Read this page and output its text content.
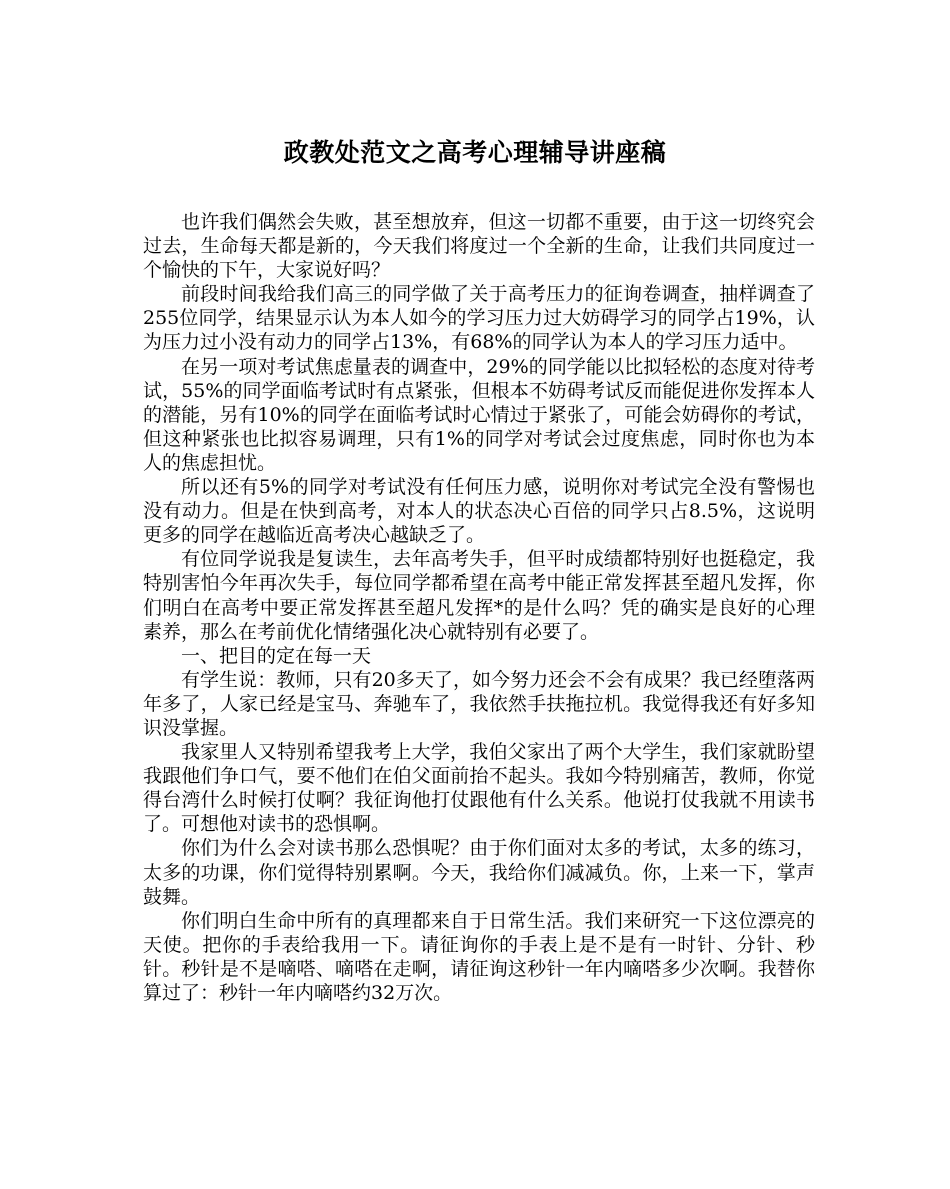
政教处范文之高考心理辅导讲座稿

也许我们偶然会失败，甚至想放弃，但这一切都不重要，由于这一切终究会过去，生命每天都是新的，今天我们将度过一个全新的生命，让我们共同度过一个愉快的下午，大家说好吗？

前段时间我给我们高三的同学做了关于高考压力的征询卷调查，抽样调查了255位同学，结果显示认为本人如今的学习压力过大妨碍学习的同学占19%，认为压力过小没有动力的同学占13%，有68%的同学认为本人的学习压力适中。

在另一项对考试焦虑量表的调查中，29%的同学能以比拟轻松的态度对待考试，55%的同学面临考试时有点紧张，但根本不妨碍考试反而能促进你发挥本人的潜能，另有10%的同学在面临考试时心情过于紧张了，可能会妨碍你的考试，但这种紧张也比拟容易调理，只有1%的同学对考试会过度焦虑，同时你也为本人的焦虑担忧。

所以还有5%的同学对考试没有任何压力感，说明你对考试完全没有警惕也没有动力。但是在快到高考，对本人的状态决心百倍的同学只占8.5%，这说明更多的同学在越临近高考决心越缺乏了。

有位同学说我是复读生，去年高考失手，但平时成绩都特别好也挺稳定，我特别害怕今年再次失手，每位同学都希望在高考中能正常发挥甚至超凡发挥，你们明白在高考中要正常发挥甚至超凡发挥*的是什么吗？凭的确实是良好的心理素养，那么在考前优化情绪强化决心就特别有必要了。

一、把目的定在每一天

有学生说：教师，只有20多天了，如今努力还会不会有成果？我已经堕落两年多了，人家已经是宝马、奔驰车了，我依然手扶拖拉机。我觉得我还有好多知识没掌握。

我家里人又特别希望我考上大学，我伯父家出了两个大学生，我们家就盼望我跟他们争口气，要不他们在伯父面前抬不起头。我如今特别痛苦，教师，你觉得台湾什么时候打仗啊？我征询他打仗跟他有什么关系。他说打仗我就不用读书了。可想他对读书的恐惧啊。

你们为什么会对读书那么恐惧呢？由于你们面对太多的考试，太多的练习，太多的功课，你们觉得特别累啊。今天，我给你们减减负。你，上来一下，掌声鼓舞。

你们明白生命中所有的真理都来自于日常生活。我们来研究一下这位漂亮的天使。把你的手表给我用一下。请征询你的手表上是不是有一时针、分针、秒针。秒针是不是嘀嗒、嘀嗒在走啊，请征询这秒针一年内嘀嗒多少次啊。我替你算过了：秒针一年内嘀嗒约32万次。
